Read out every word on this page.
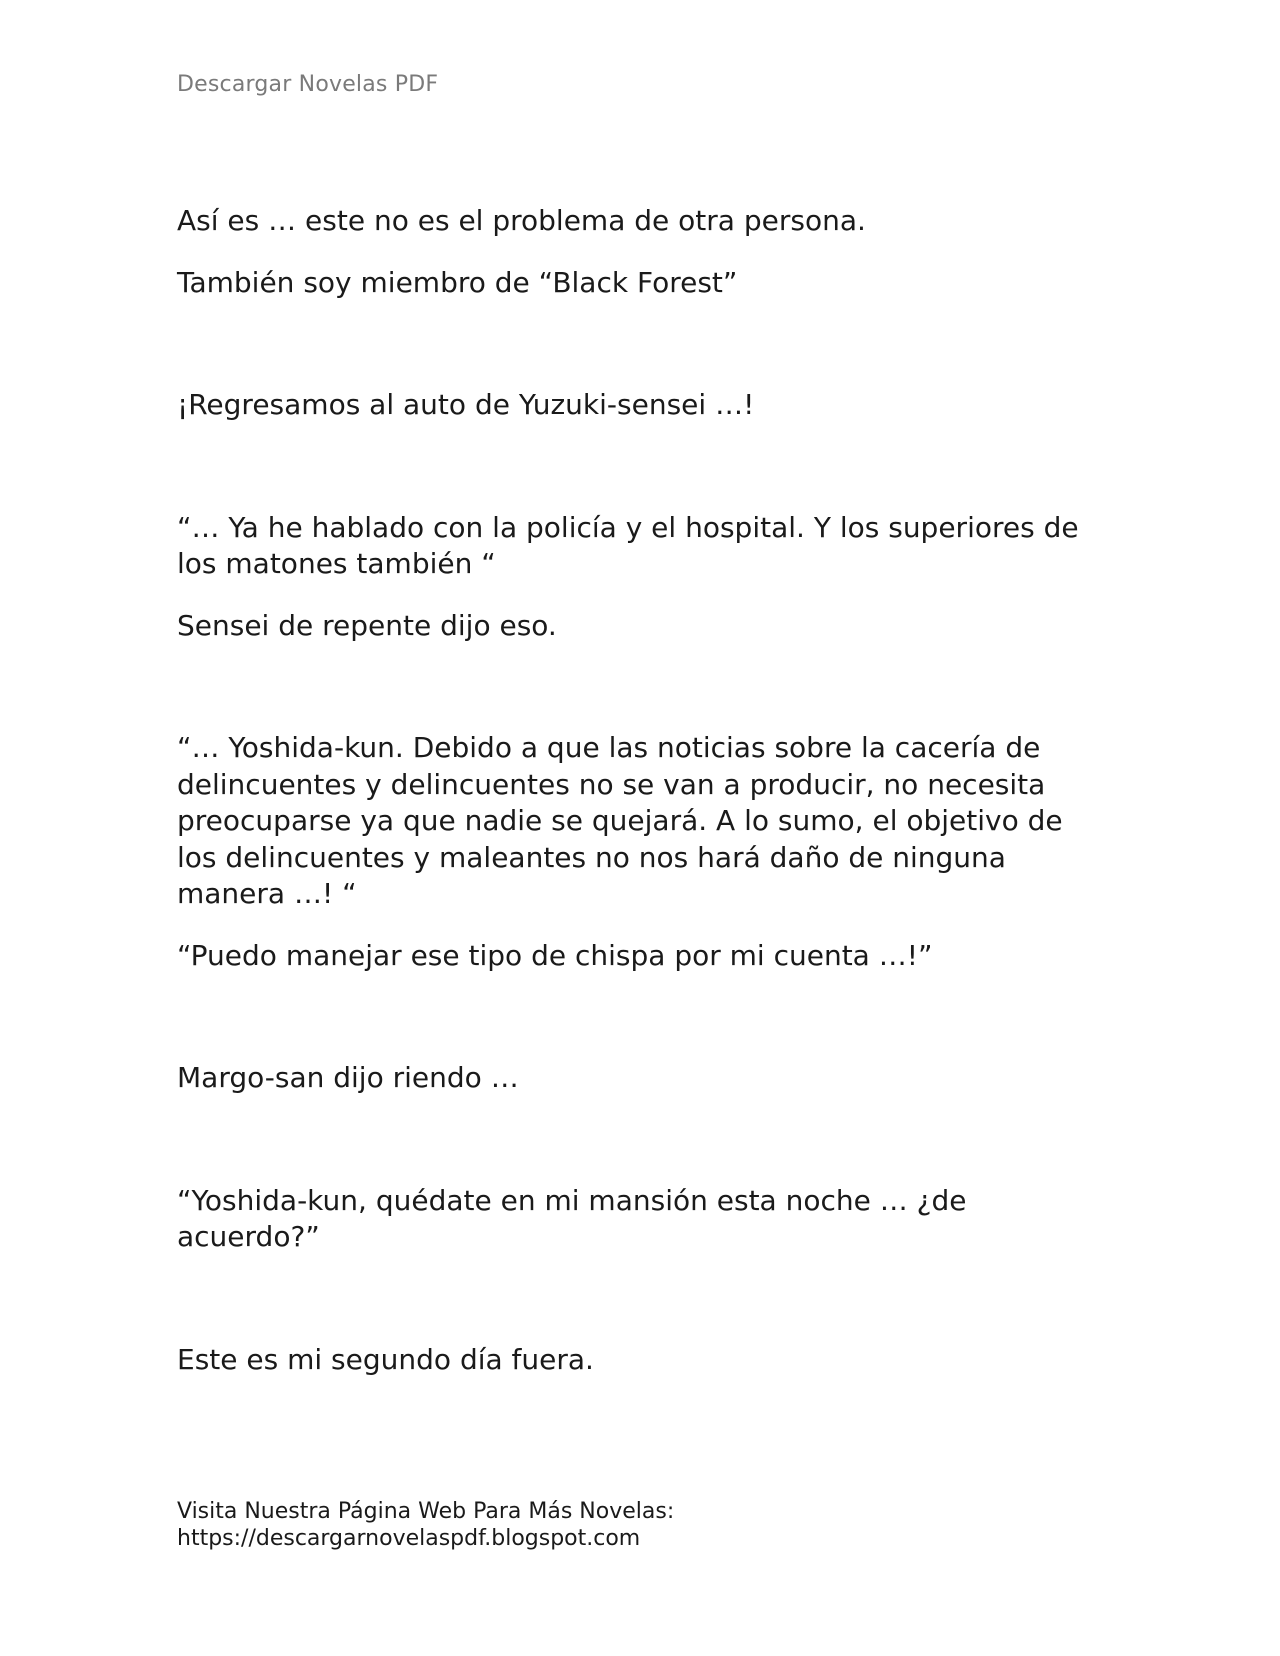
Descargar Novelas PDF

Así es … este no es el problema de otra persona.

También soy miembro de “Black Forest”

¡Regresamos al auto de Yuzuki-sensei …!

“… Ya he hablado con la policía y el hospital. Y los superiores de los matones también “

Sensei de repente dijo eso.

“… Yoshida-kun. Debido a que las noticias sobre la cacería de delincuentes y delincuentes no se van a producir, no necesita preocuparse ya que nadie se quejará. A lo sumo, el objetivo de los delincuentes y maleantes no nos hará daño de ninguna manera …! “

“Puedo manejar ese tipo de chispa por mi cuenta …!”

Margo-san dijo riendo …

“Yoshida-kun, quédate en mi mansión esta noche … ¿de acuerdo?”

Este es mi segundo día fuera.

Visita Nuestra Página Web Para Más Novelas:
https://descargarnovelaspdf.blogspot.com
